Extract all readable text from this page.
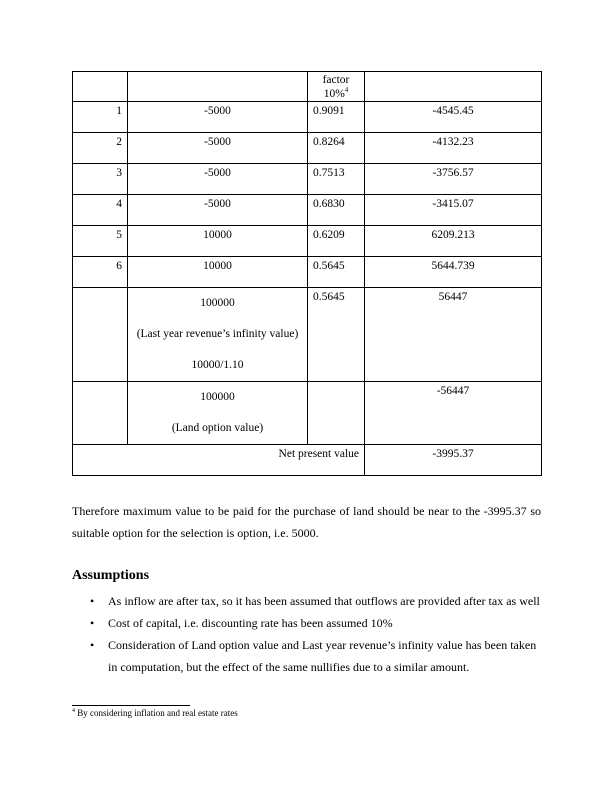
		factor
10%$^4$

1	-5000	0.9091	-4545.45
2	-5000	0.8264	-4132.23
3	-5000	0.7513	-3756.57
4	-5000	0.6830	-3415.07
5	10000	0.6209	6209.213
6	10000	0.5645	5644.739

	100000
(Last year revenue’s infinity value)
10000/1.10	0.5645	56447

	100000
(Land option value)		-56447
Net present value			-3995.37

Therefore maximum value to be paid for the purchase of land should be near to the -3995.37 so suitable option for the selection is option, i.e. 5000.

Assumptions
• As inflow are after tax, so it has been assumed that outflows are provided after tax as well
• Cost of capital, i.e. discounting rate has been assumed 10%
• Consideration of Land option value and Last year revenue’s infinity value has been taken in computation, but the effect of the same nullifies due to a similar amount.

$^4$ By considering inflation and real estate rates
